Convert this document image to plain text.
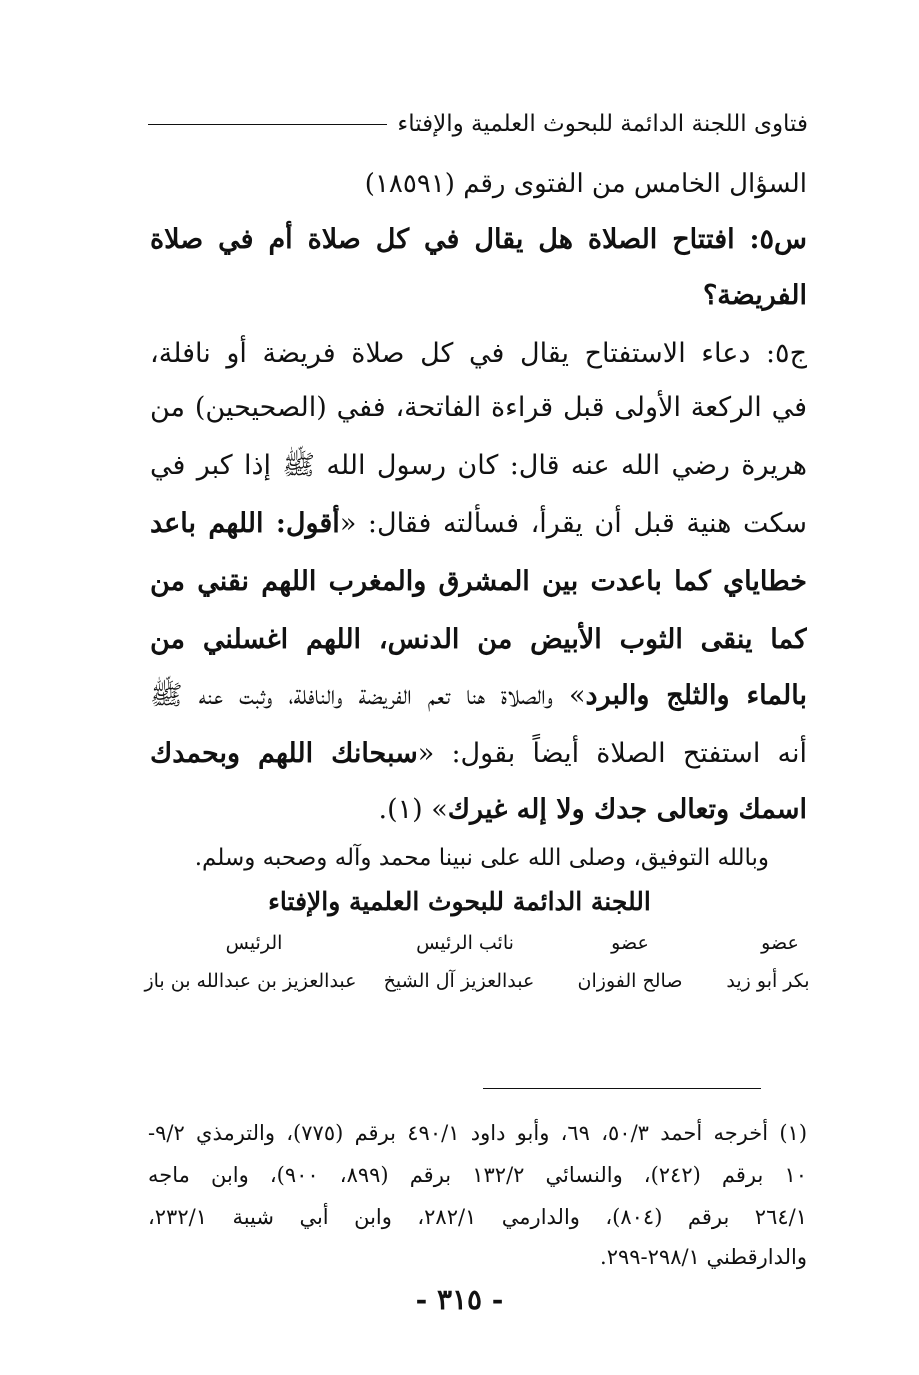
فتاوى اللجنة الدائمة للبحوث العلمية والإفتاء
السؤال الخامس من الفتوى رقم (١٨٥٩١)
س٥: افتتاح الصلاة هل يقال في كل صلاة أم في صلاة
الفريضة؟
ج٥: دعاء الاستفتاح يقال في كل صلاة فريضة أو نافلة،
في الركعة الأولى قبل قراءة الفاتحة، ففي (الصحيحين) من
هريرة رضي الله عنه قال: كان رسول الله ﷺ إذا كبر في
سكت هنية قبل أن يقرأ، فسألته فقال: «أقول: اللهم باعد
خطاياي كما باعدت بين المشرق والمغرب اللهم نقني من
كما ينقى الثوب الأبيض من الدنس، اللهم اغسلني من
بالماء والثلج والبرد» والصلاة هنا تعم الفريضة والنافلة، وثبت عنه ﷺ
أنه استفتح الصلاة أيضاً بقول: «سبحانك اللهم وبحمدك
اسمك وتعالى جدك ولا إله غيرك» (١).
وبالله التوفيق، وصلى الله على نبينا محمد وآله وصحبه وسلم.
اللجنة الدائمة للبحوث العلمية والإفتاء
عضو
بكر أبو زيد
عضو
صالح الفوزان
نائب الرئيس
عبدالعزيز آل الشيخ
الرئيس
عبدالعزيز بن عبدالله بن باز
(١) أخرجه أحمد ٥٠/٣، ٦٩، وأبو داود ٤٩٠/١ برقم (٧٧٥)، والترمذي ٩/٢-
١٠ برقم (٢٤٢)، والنسائي ١٣٢/٢ برقم (٨٩٩، ٩٠٠)، وابن ماجه
٢٦٤/١ برقم (٨٠٤)، والدارمي ٢٨٢/١، وابن أبي شيبة ٢٣٢/١،
والدارقطني ٢٩٨/١-٢٩٩.
- ٣١٥ -
